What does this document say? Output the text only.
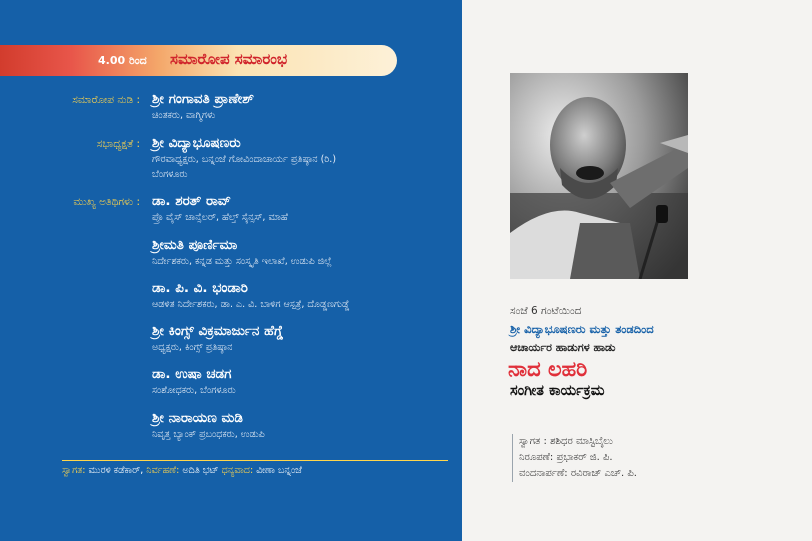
4.00 ರಿಂದ ಸಮಾರೋಪ ಸಮಾರಂಭ
ಸಮಾರೋಪ ನುಡಿ : ಶ್ರೀ ಗಂಗಾವತಿ ಪ್ರಾಣೇಶ್
ಚಿಂತಕರು, ವಾಗ್ಮಿಗಳು
ಸಭಾಧ್ಯಕ್ಷತೆ : ಶ್ರೀ ವಿದ್ಯಾಭೂಷಣರು
ಗೌರವಾಧ್ಯಕ್ಷರು, ಬನ್ನಂಜೆ ಗೋವಿಂದಾಚಾರ್ಯ ಪ್ರತಿಷ್ಠಾನ (ರಿ.)
ಬೆಂಗಳೂರು
ಮುಖ್ಯ ಅತಿಥಿಗಳು : ಡಾ. ಶರತ್ ರಾವ್
ಪ್ರೊ ವೈಸ್ ಚಾನ್ಸೆಲರ್, ಹೆಲ್ತ್ ಸೈನ್ಸಸ್, ಮಾಹೆ
ಶ್ರೀಮತಿ ಪೂರ್ಣಿಮಾ
ನಿರ್ದೇಶಕರು, ಕನ್ನಡ ಮತ್ತು ಸಂಸ್ಕೃತಿ ಇಲಾಖೆ, ಉಡುಪಿ ಜಿಲ್ಲೆ
ಡಾ. ಪಿ. ವಿ. ಭಂಡಾರಿ
ಆಡಳಿತ ನಿರ್ದೇಶಕರು, ಡಾ. ಎ. ವಿ. ಬಾಳಿಗ ಆಸ್ಪತ್ರೆ, ದೊಡ್ಡಣಗುಡ್ಡೆ
ಶ್ರೀ ಕಿಂಗ್ಸ್ ವಿಕ್ರಮಾರ್ಜುನ ಹೆಗ್ಡೆ
ಅಧ್ಯಕ್ಷರು, ಕಿಂಗ್ಸ್ ಪ್ರತಿಷ್ಠಾನ
ಡಾ. ಉಷಾ ಚಡಗ
ಸಂಶೋಧಕರು, ಬೆಂಗಳೂರು
ಶ್ರೀ ನಾರಾಯಣ ಮಡಿ
ನಿವೃತ್ತ ಬ್ಯಾಂಕ್ ಪ್ರಬಂಧಕರು, ಉಡುಪಿ
ಸ್ವಾಗತ: ಮುರಳಿ ಕಡೆಕಾರ್, ನಿರ್ವಹಣೆ: ಅದಿತಿ ಭಟ್ ಧನ್ಯವಾದ: ವೀಣಾ ಬನ್ನಂಜೆ
ಸಂಜೆ 6 ಗಂಟೆಯಿಂದ
ಶ್ರೀ ವಿದ್ಯಾಭೂಷಣರು ಮತ್ತು ತಂಡದಿಂದ
ಆಚಾರ್ಯರ ಹಾಡುಗಳ ಹಾಡು
ನಾದ ಲಹರಿ
ಸಂಗೀತ ಕಾರ್ಯಕ್ರಮ
ಸ್ವಾಗತ : ಶಶಿಧರ ಮಾಸ್ಟಿಬೈಲು
ನಿರೂಪಣೆ: ಪ್ರಭಾಕರ್ ಜಿ. ಪಿ.
ವಂದನಾರ್ಪಣೆ: ರವಿರಾಜ್ ಎಚ್. ಪಿ.
